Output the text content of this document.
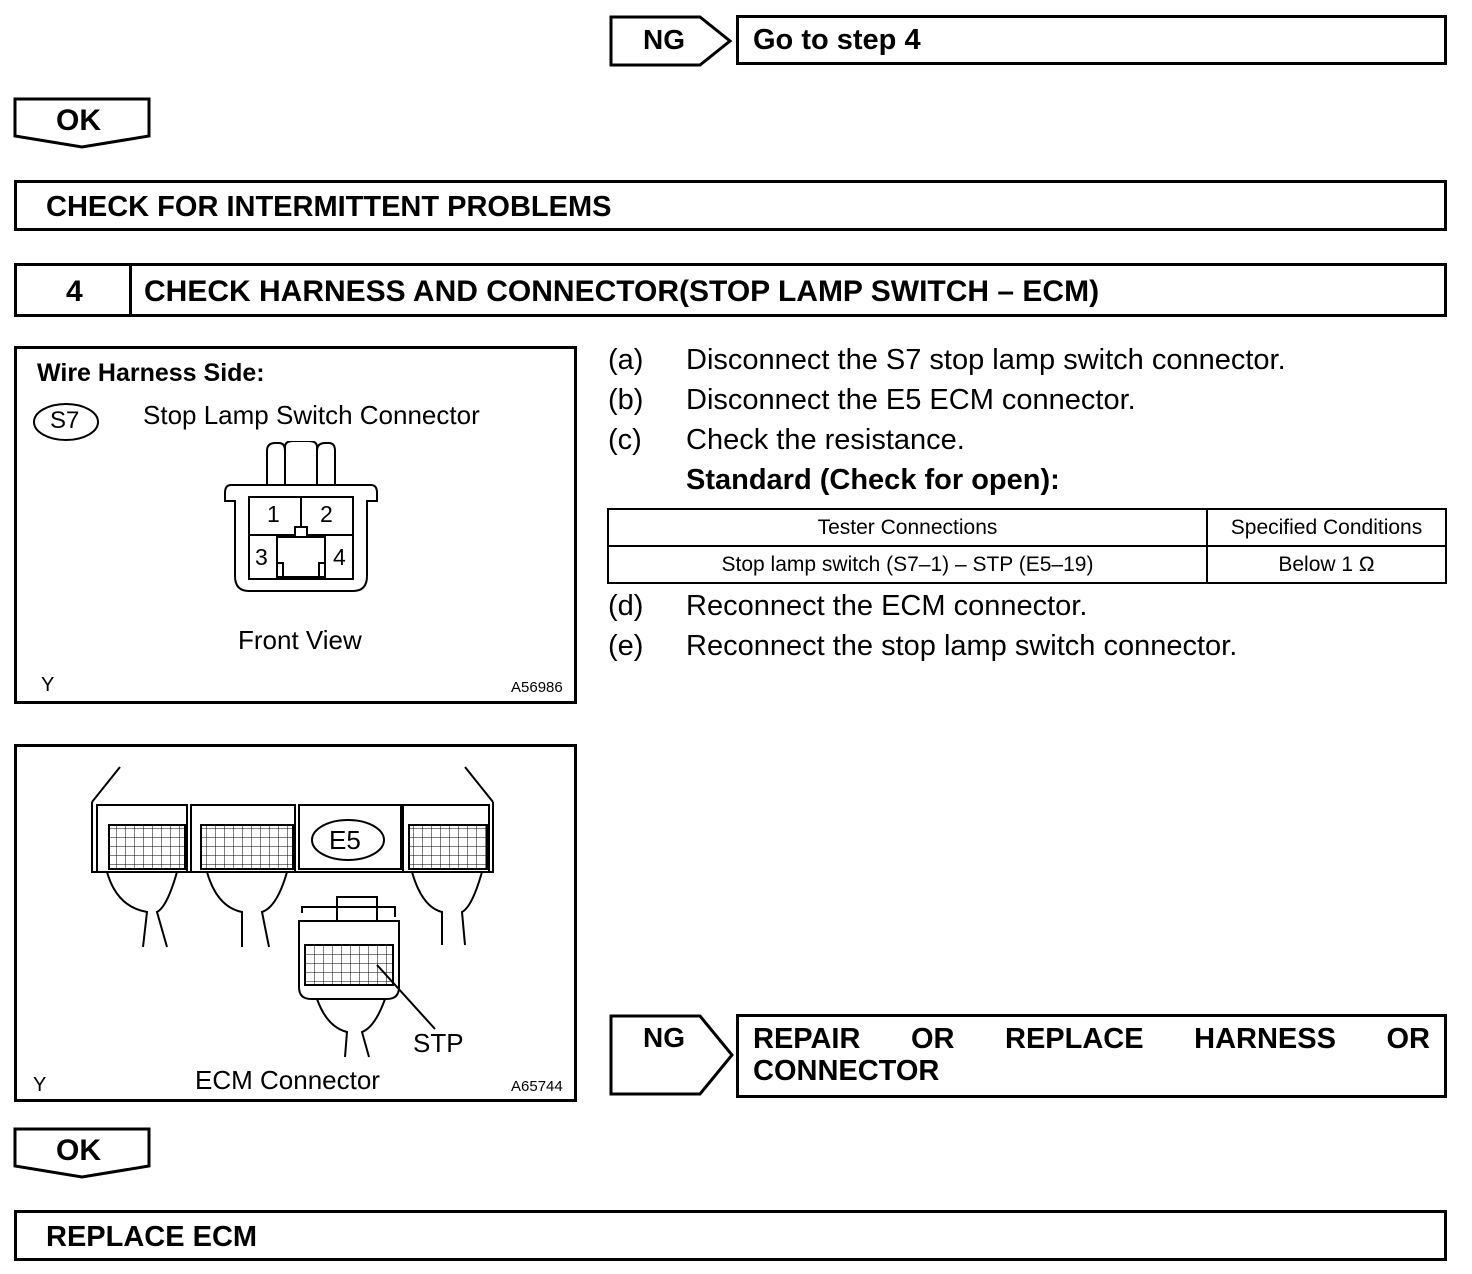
NG	Go to step 4
OK
CHECK FOR INTERMITTENT PROBLEMS
4 CHECK HARNESS AND CONNECTOR(STOP LAMP SWITCH – ECM)
Wire Harness Side:
S7 Stop Lamp Switch Connector
1 2
3	4
Front View
Y	A56986
E5
STP
ECM Connector
Y	A65744
(a) Disconnect the S7 stop lamp switch connector.
(b) Disconnect the E5 ECM connector.
(c) Check the resistance.
Standard (Check for open):
Tester Connections	Specified Conditions
Stop lamp switch (S7–1) – STP (E5–19)	Below 1 Ω
(d) Reconnect the ECM connector.
(e) Reconnect the stop lamp switch connector.
NG REPAIR OR REPLACE HARNESS OR
CONNECTOR
OK
REPLACE ECM
